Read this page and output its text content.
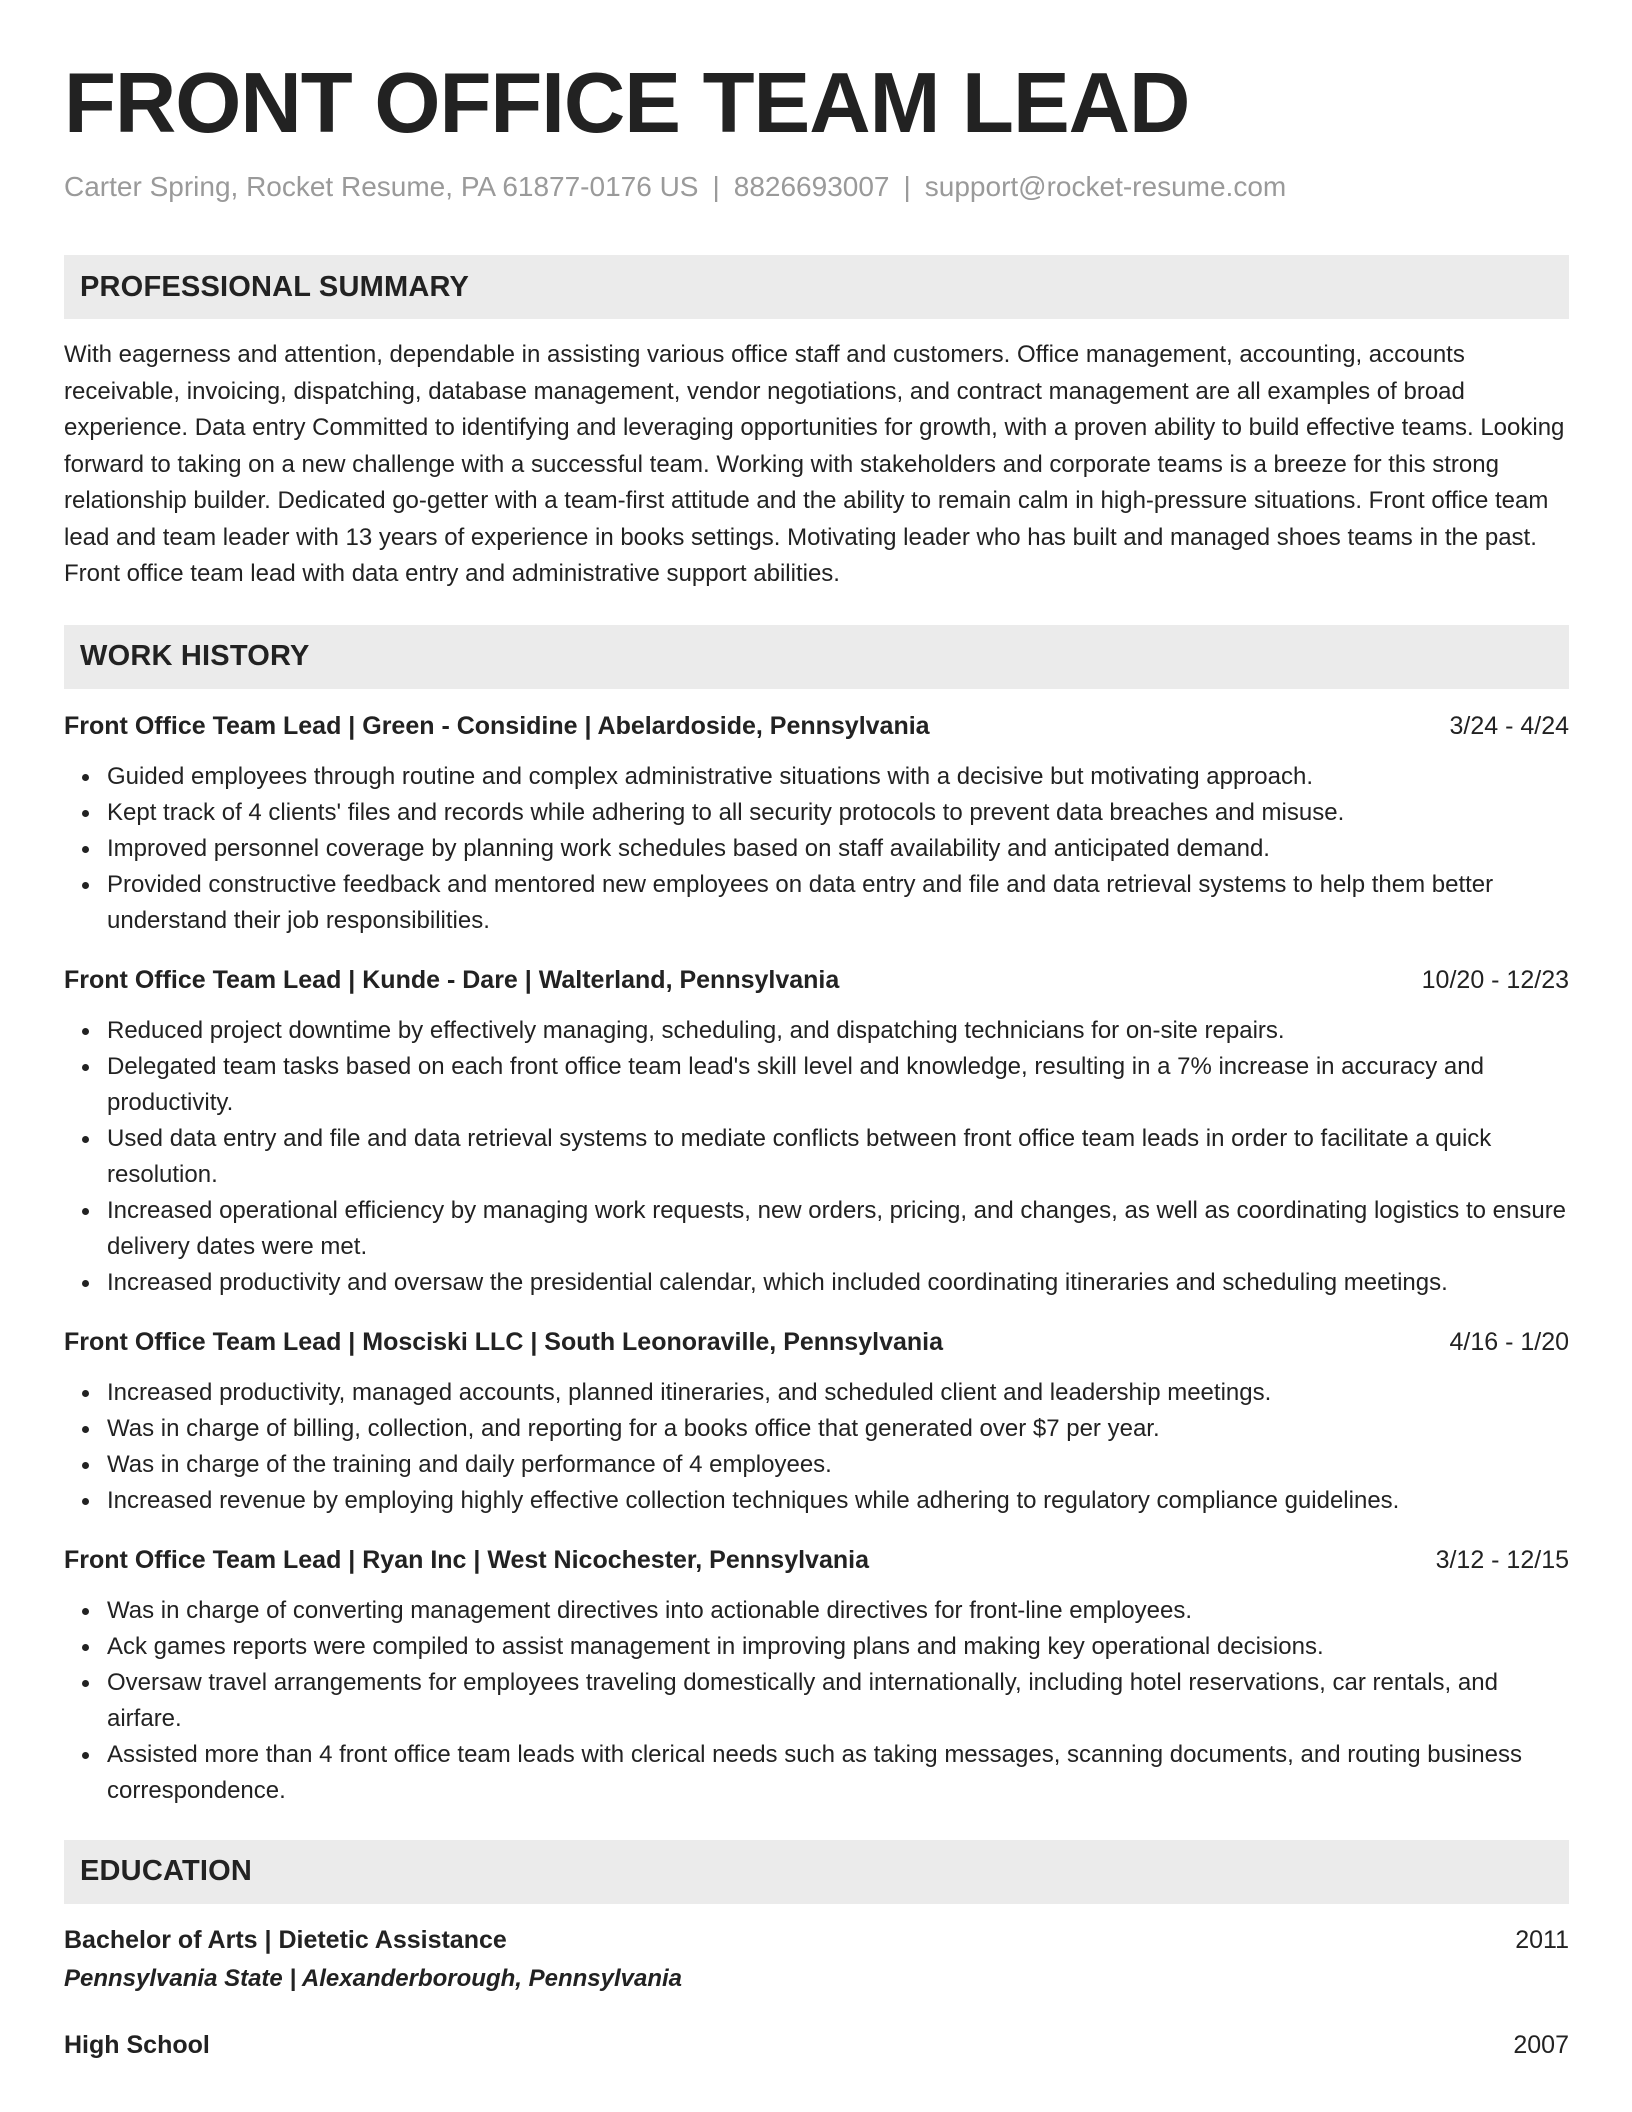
FRONT OFFICE TEAM LEAD
Carter Spring, Rocket Resume, PA 61877-0176 US | 8826693007 | support@rocket-resume.com
PROFESSIONAL SUMMARY
With eagerness and attention, dependable in assisting various office staff and customers. Office management, accounting, accounts receivable, invoicing, dispatching, database management, vendor negotiations, and contract management are all examples of broad experience. Data entry Committed to identifying and leveraging opportunities for growth, with a proven ability to build effective teams. Looking forward to taking on a new challenge with a successful team. Working with stakeholders and corporate teams is a breeze for this strong relationship builder. Dedicated go-getter with a team-first attitude and the ability to remain calm in high-pressure situations. Front office team lead and team leader with 13 years of experience in books settings. Motivating leader who has built and managed shoes teams in the past. Front office team lead with data entry and administrative support abilities.
WORK HISTORY
Front Office Team Lead | Green - Considine | Abelardoside, Pennsylvania	3/24 - 4/24
Guided employees through routine and complex administrative situations with a decisive but motivating approach.
Kept track of 4 clients' files and records while adhering to all security protocols to prevent data breaches and misuse.
Improved personnel coverage by planning work schedules based on staff availability and anticipated demand.
Provided constructive feedback and mentored new employees on data entry and file and data retrieval systems to help them better understand their job responsibilities.
Front Office Team Lead | Kunde - Dare | Walterland, Pennsylvania	10/20 - 12/23
Reduced project downtime by effectively managing, scheduling, and dispatching technicians for on-site repairs.
Delegated team tasks based on each front office team lead's skill level and knowledge, resulting in a 7% increase in accuracy and productivity.
Used data entry and file and data retrieval systems to mediate conflicts between front office team leads in order to facilitate a quick resolution.
Increased operational efficiency by managing work requests, new orders, pricing, and changes, as well as coordinating logistics to ensure delivery dates were met.
Increased productivity and oversaw the presidential calendar, which included coordinating itineraries and scheduling meetings.
Front Office Team Lead | Mosciski LLC | South Leonoraville, Pennsylvania	4/16 - 1/20
Increased productivity, managed accounts, planned itineraries, and scheduled client and leadership meetings.
Was in charge of billing, collection, and reporting for a books office that generated over $7 per year.
Was in charge of the training and daily performance of 4 employees.
Increased revenue by employing highly effective collection techniques while adhering to regulatory compliance guidelines.
Front Office Team Lead | Ryan Inc | West Nicochester, Pennsylvania	3/12 - 12/15
Was in charge of converting management directives into actionable directives for front-line employees.
Ack games reports were compiled to assist management in improving plans and making key operational decisions.
Oversaw travel arrangements for employees traveling domestically and internationally, including hotel reservations, car rentals, and airfare.
Assisted more than 4 front office team leads with clerical needs such as taking messages, scanning documents, and routing business correspondence.
EDUCATION
Bachelor of Arts | Dietetic Assistance	2011
Pennsylvania State | Alexanderborough, Pennsylvania
High School	2007
